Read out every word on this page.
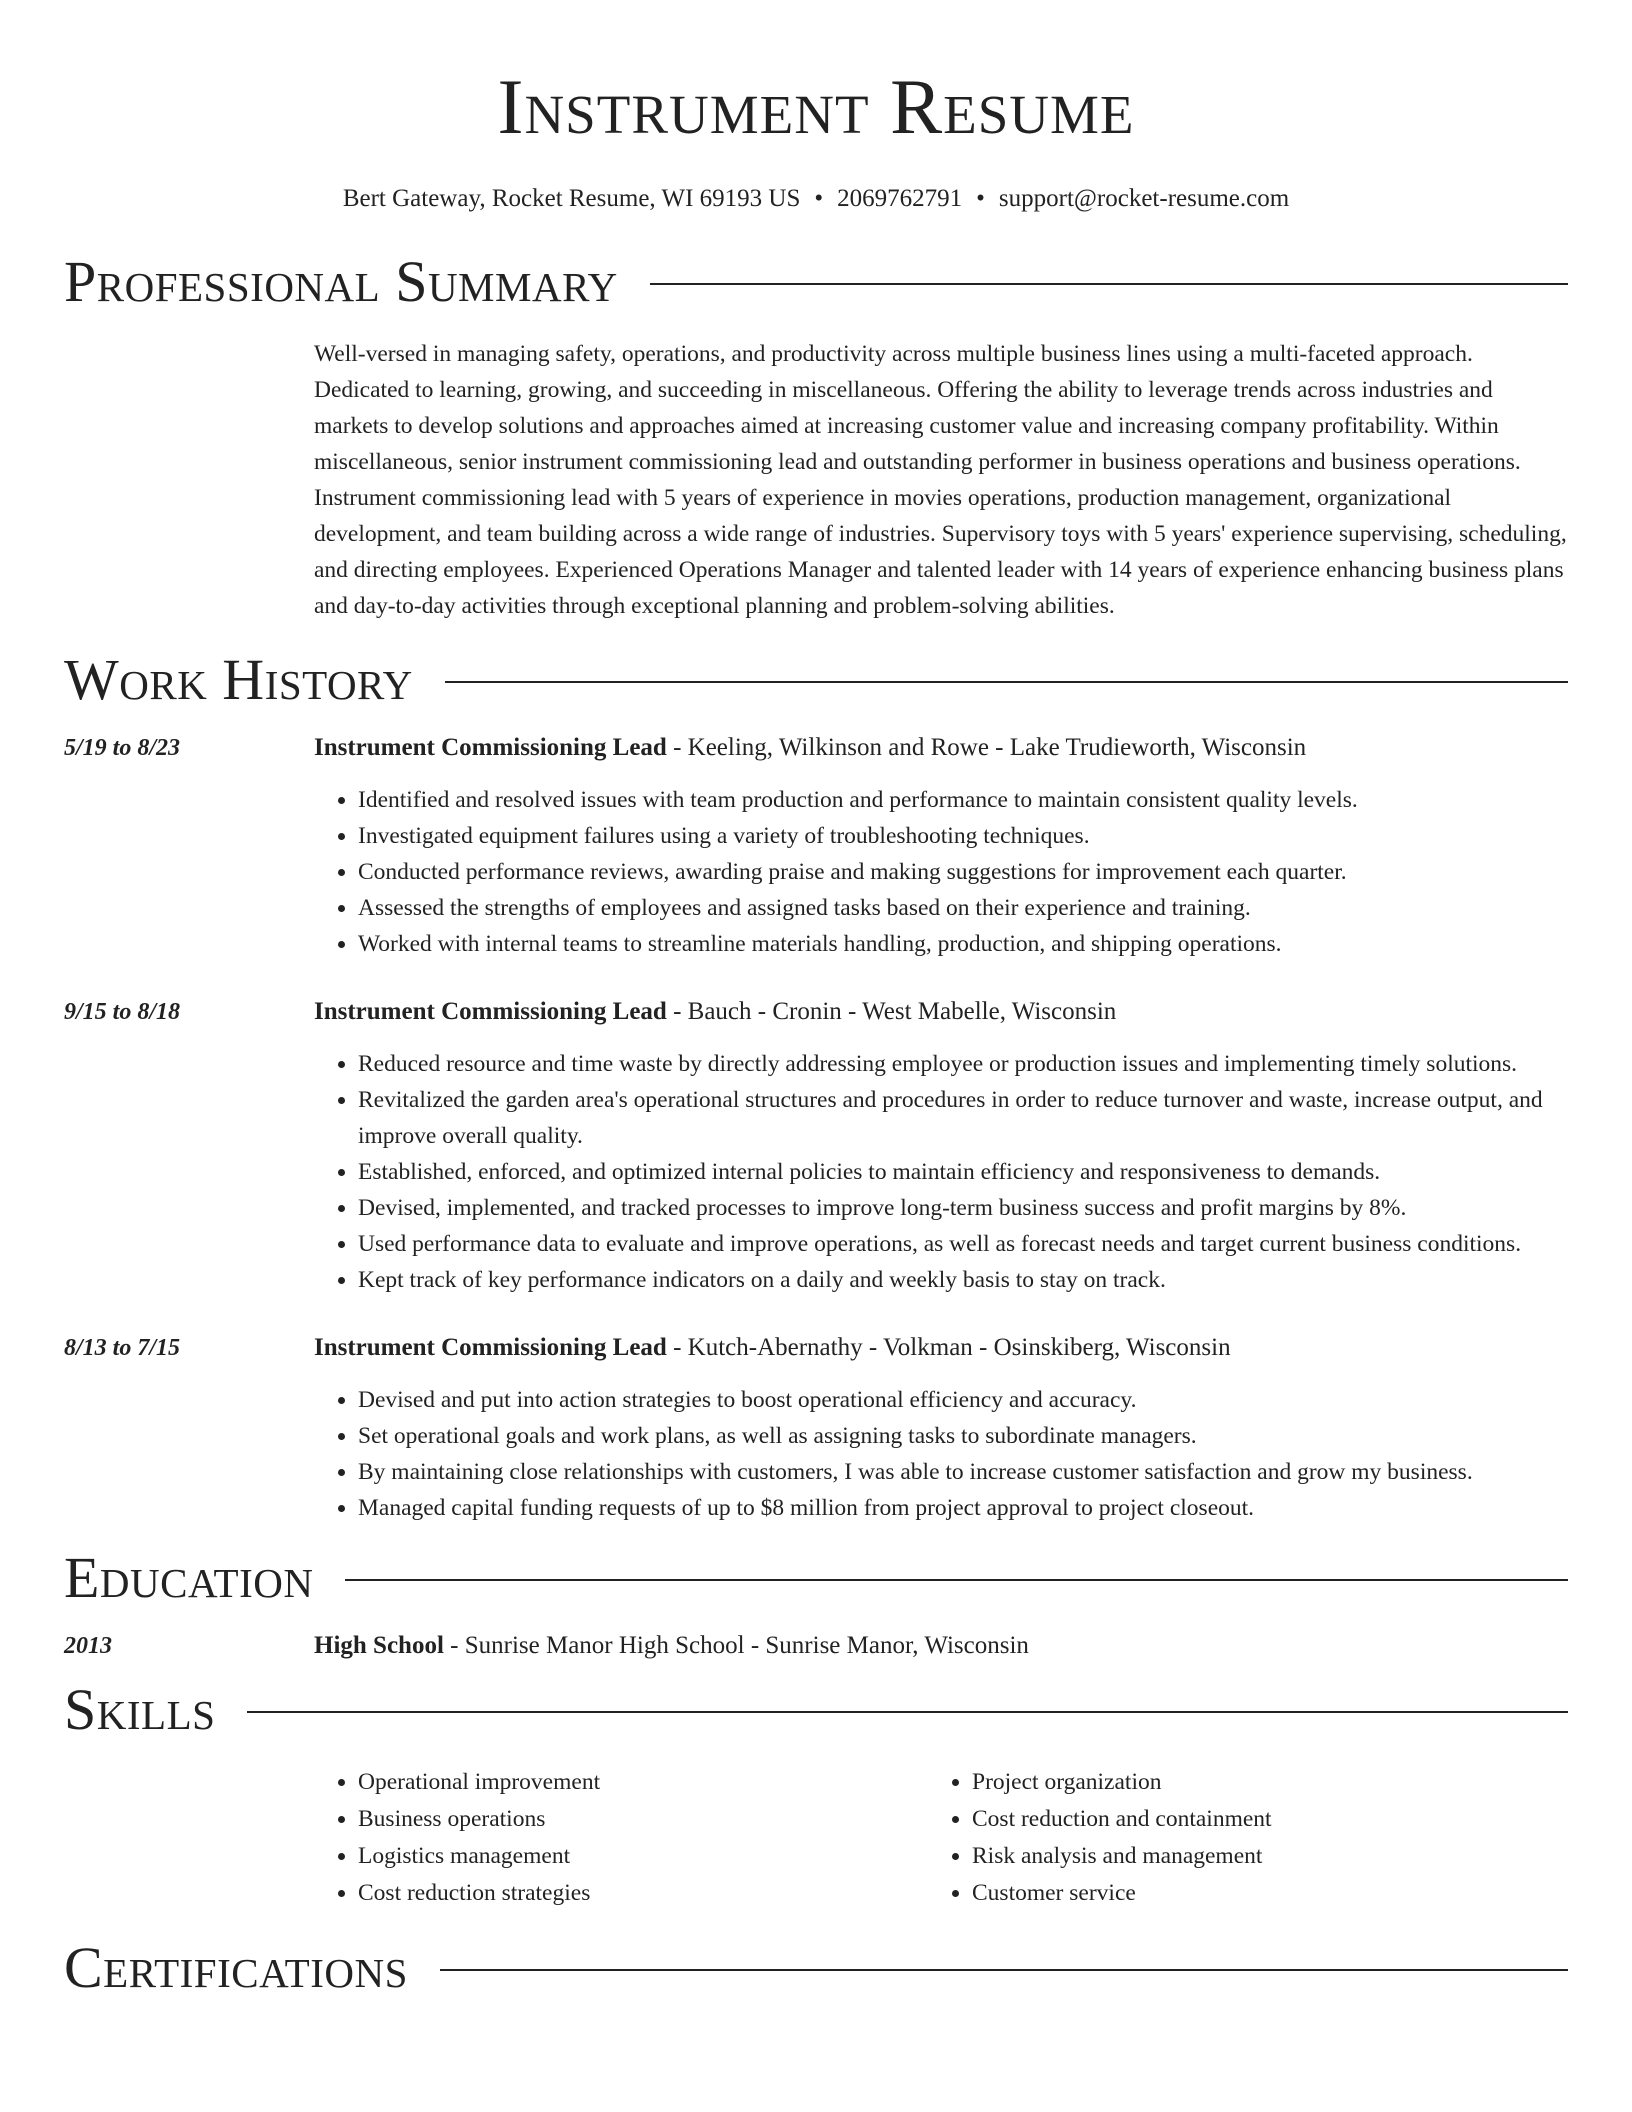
Instrument Resume
Bert Gateway, Rocket Resume, WI 69193 US • 2069762791 • support@rocket-resume.com
Professional Summary
Well-versed in managing safety, operations, and productivity across multiple business lines using a multi-faceted approach. Dedicated to learning, growing, and succeeding in miscellaneous. Offering the ability to leverage trends across industries and markets to develop solutions and approaches aimed at increasing customer value and increasing company profitability. Within miscellaneous, senior instrument commissioning lead and outstanding performer in business operations and business operations. Instrument commissioning lead with 5 years of experience in movies operations, production management, organizational development, and team building across a wide range of industries. Supervisory toys with 5 years' experience supervising, scheduling, and directing employees. Experienced Operations Manager and talented leader with 14 years of experience enhancing business plans and day-to-day activities through exceptional planning and problem-solving abilities.
Work History
5/19 to 8/23	Instrument Commissioning Lead - Keeling, Wilkinson and Rowe - Lake Trudieworth, Wisconsin
• Identified and resolved issues with team production and performance to maintain consistent quality levels.
• Investigated equipment failures using a variety of troubleshooting techniques.
• Conducted performance reviews, awarding praise and making suggestions for improvement each quarter.
• Assessed the strengths of employees and assigned tasks based on their experience and training.
• Worked with internal teams to streamline materials handling, production, and shipping operations.
9/15 to 8/18	Instrument Commissioning Lead - Bauch - Cronin - West Mabelle, Wisconsin
• Reduced resource and time waste by directly addressing employee or production issues and implementing timely solutions.
• Revitalized the garden area's operational structures and procedures in order to reduce turnover and waste, increase output, and improve overall quality.
• Established, enforced, and optimized internal policies to maintain efficiency and responsiveness to demands.
• Devised, implemented, and tracked processes to improve long-term business success and profit margins by 8%.
• Used performance data to evaluate and improve operations, as well as forecast needs and target current business conditions.
• Kept track of key performance indicators on a daily and weekly basis to stay on track.
8/13 to 7/15	Instrument Commissioning Lead - Kutch-Abernathy - Volkman - Osinskiberg, Wisconsin
• Devised and put into action strategies to boost operational efficiency and accuracy.
• Set operational goals and work plans, as well as assigning tasks to subordinate managers.
• By maintaining close relationships with customers, I was able to increase customer satisfaction and grow my business.
• Managed capital funding requests of up to $8 million from project approval to project closeout.
Education
2013	High School - Sunrise Manor High School - Sunrise Manor, Wisconsin
Skills
• Operational improvement
• Business operations
• Logistics management
• Cost reduction strategies
• Project organization
• Cost reduction and containment
• Risk analysis and management
• Customer service
Certifications
